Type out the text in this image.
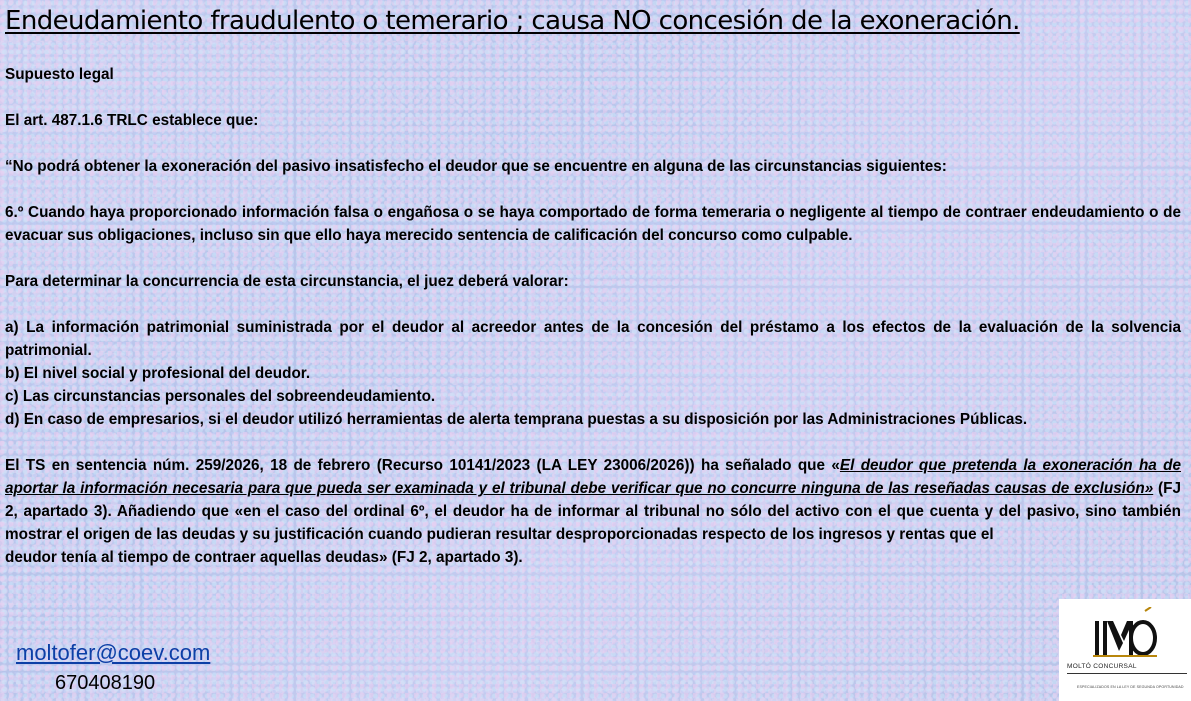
Endeudamiento fraudulento o temerario ; causa NO concesión de la exoneración.

Supuesto legal

El art. 487.1.6 TRLC establece que:

“No podrá obtener la exoneración del pasivo insatisfecho el deudor que se encuentre en alguna de las circunstancias siguientes:

6.º Cuando haya proporcionado información falsa o engañosa o se haya comportado de forma temeraria o negligente al tiempo de contraer endeudamiento o de evacuar sus obligaciones, incluso sin que ello haya merecido sentencia de calificación del concurso como culpable.

Para determinar la concurrencia de esta circunstancia, el juez deberá valorar:

a) La información patrimonial suministrada por el deudor al acreedor antes de la concesión del préstamo a los efectos de la evaluación de la solvencia patrimonial.

b) El nivel social y profesional del deudor.

c) Las circunstancias personales del sobreendeudamiento.

d) En caso de empresarios, si el deudor utilizó herramientas de alerta temprana puestas a su disposición por las Administraciones Públicas.

El TS en sentencia núm. 259/2026, 18 de febrero (Recurso 10141/2023 (LA LEY 23006/2026)) ha señalado que «El deudor que pretenda la exoneración ha de aportar la información necesaria para que pueda ser examinada y el tribunal debe verificar que no concurre ninguna de las reseñadas causas de exclusión» (FJ 2, apartado 3). Añadiendo que «en el caso del ordinal 6º, el deudor ha de informar al tribunal no sólo del activo con el que cuenta y del pasivo, sino también mostrar el origen de las deudas y su justificación cuando pudieran resultar desproporcionadas respecto de los ingresos y rentas que el

deudor tenía al tiempo de contraer aquellas deudas» (FJ 2, apartado 3).

moltofer@coev.com
670408190
MOLTÓ CONCURSAL
ESPECIALIZADOS EN LA LEY DE SEGUNDA OPORTUNIDAD
